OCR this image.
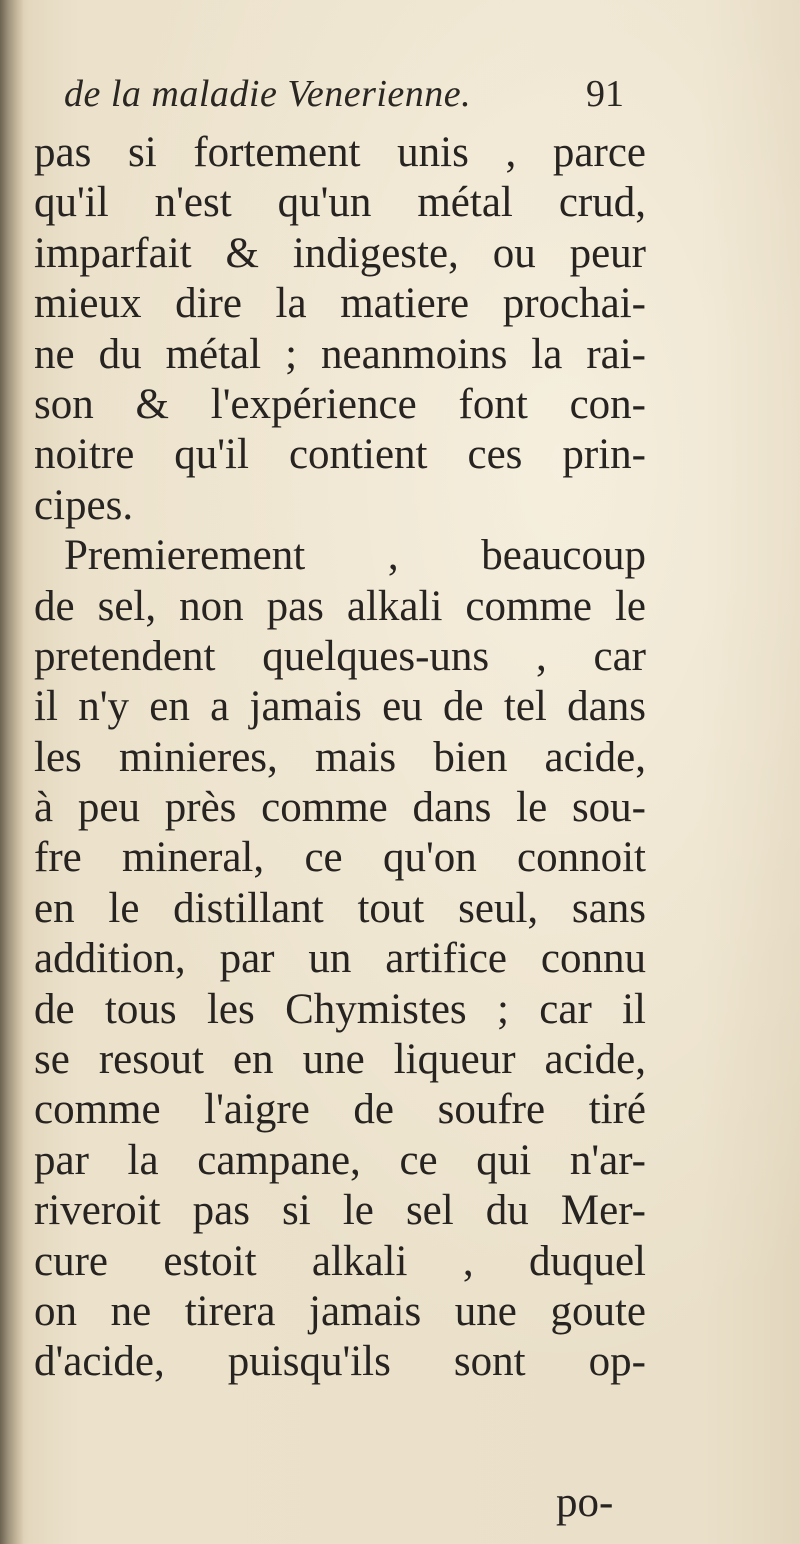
de la maladie Venerienne.	91
pas si fortement unis , parce
qu'il n'est qu'un métal crud,
imparfait & indigeste, ou peur
mieux dire la matiere prochai-
ne du métal ; neanmoins la rai-
son & l'expérience font con-
noitre qu'il contient ces prin-
cipes.
Premierement , beaucoup
de sel, non pas alkali comme le
pretendent quelques-uns , car
il n'y en a jamais eu de tel dans
les minieres, mais bien acide,
à peu près comme dans le sou-
fre mineral, ce qu'on connoit
en le distillant tout seul, sans
addition, par un artifice connu
de tous les Chymistes ; car il
se resout en une liqueur acide,
comme l'aigre de soufre tiré
par la campane, ce qui n'ar-
riveroit pas si le sel du Mer-
cure estoit alkali , duquel
on ne tirera jamais une goute
d'acide, puisqu'ils sont op-
po-
